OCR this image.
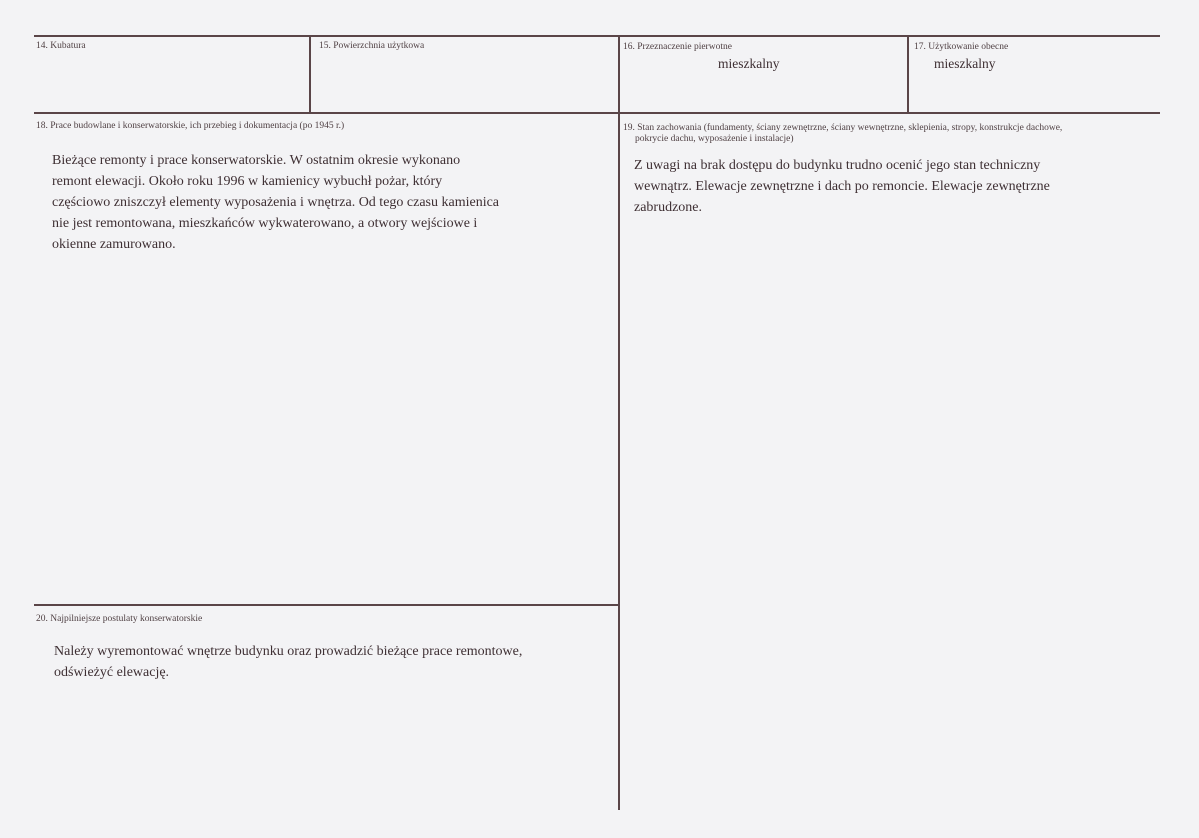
14. Kubatura	15. Powierzchnia użytkowa	16. Przeznaczenie pierwotne
mieszkalny
17. Użytkowanie obecne
mieszkalny
18. Prace budowlane i konserwatorskie, ich przebieg i dokumentacja (po 1945 r.)
Bieżące remonty i prace konserwatorskie. W ostatnim okresie wykonano
remont elewacji. Około roku 1996 w kamienicy wybuchł pożar, który
częściowo zniszczył elementy wyposażenia i wnętrza. Od tego czasu kamienica
nie jest remontowana, mieszkańców wykwaterowano, a otwory wejściowe i
okienne zamurowano.
19. Stan zachowania (fundamenty, ściany zewnętrzne, ściany wewnętrzne, sklepienia, stropy, konstrukcje dachowe,
pokrycie dachu, wyposażenie i instalacje)
Z uwagi na brak dostępu do budynku trudno ocenić jego stan techniczny
wewnątrz. Elewacje zewnętrzne i dach po remoncie. Elewacje zewnętrzne
zabrudzone.
20. Najpilniejsze postulaty konserwatorskie
Należy wyremontować wnętrze budynku oraz prowadzić bieżące prace remontowe,
odświeżyć elewację.
